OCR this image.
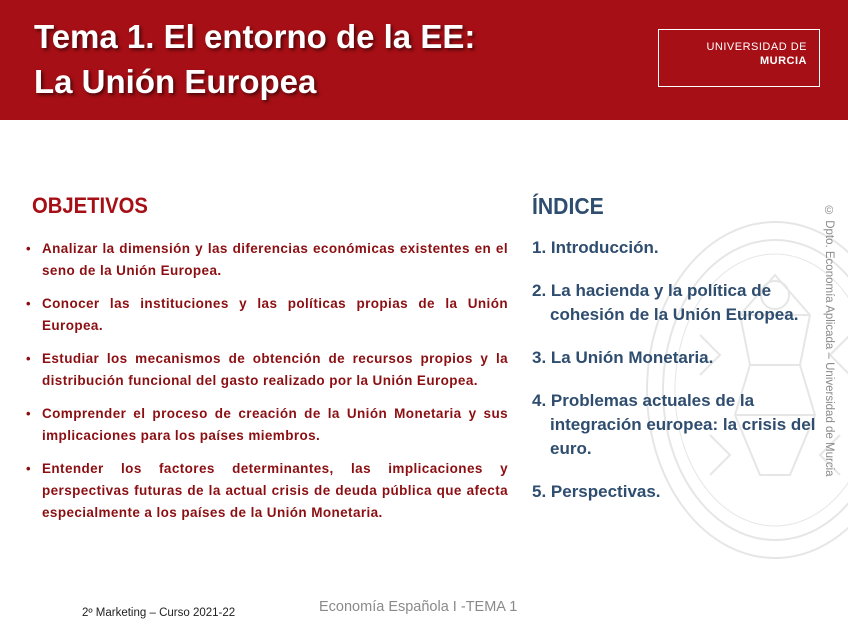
Tema 1. El entorno de la EE:
La Unión Europea
UNIVERSIDAD DE
MURCIA
OBJETIVOS
• Analizar la dimensión y las diferencias económicas existentes en el seno de la Unión Europea.
• Conocer las instituciones y las políticas propias de la Unión Europea.
• Estudiar los mecanismos de obtención de recursos propios y la distribución funcional del gasto realizado por la Unión Europea.
• Comprender el proceso de creación de la Unión Monetaria y sus implicaciones para los países miembros.
• Entender los factores determinantes, las implicaciones y perspectivas futuras de la actual crisis de deuda pública que afecta especialmente a los países de la Unión Monetaria.
ÍNDICE
1. Introducción.
2. La hacienda y la política de
cohesión de la Unión Europea.
3. La Unión Monetaria.
4. Problemas actuales de la
integración europea: la crisis del euro.
5. Perspectivas.
© Dpto. Economía Aplicada – Universidad de Murcia
2º Marketing – Curso 2021-22	Economía Española I -TEMA 1
